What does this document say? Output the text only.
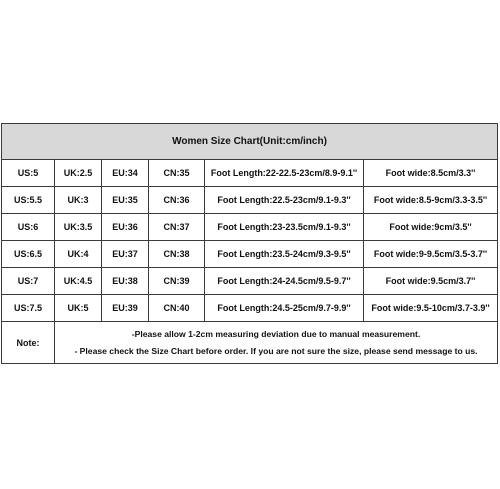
Women Size Chart(Unit:cm/inch)
US:5	UK:2.5	EU:34	CN:35	Foot Length:22-22.5-23cm/8.9-9.1''	Foot wide:8.5cm/3.3''
US:5.5	UK:3	EU:35	CN:36	Foot Length:22.5-23cm/9.1-9.3''	Foot wide:8.5-9cm/3.3-3.5''
US:6	UK:3.5	EU:36	CN:37	Foot Length:23-23.5cm/9.1-9.3''	Foot wide:9cm/3.5''
US:6.5	UK:4	EU:37	CN:38	Foot Length:23.5-24cm/9.3-9.5''	Foot wide:9-9.5cm/3.5-3.7''
US:7	UK:4.5	EU:38	CN:39	Foot Length:24-24.5cm/9.5-9.7''	Foot wide:9.5cm/3.7''
US:7.5	UK:5	EU:39	CN:40	Foot Length:24.5-25cm/9.7-9.9''	Foot wide:9.5-10cm/3.7-3.9''
Note:
-Please allow 1-2cm measuring deviation due to manual measurement.
- Please check the Size Chart before order. If you are not sure the size, please send message to us.
